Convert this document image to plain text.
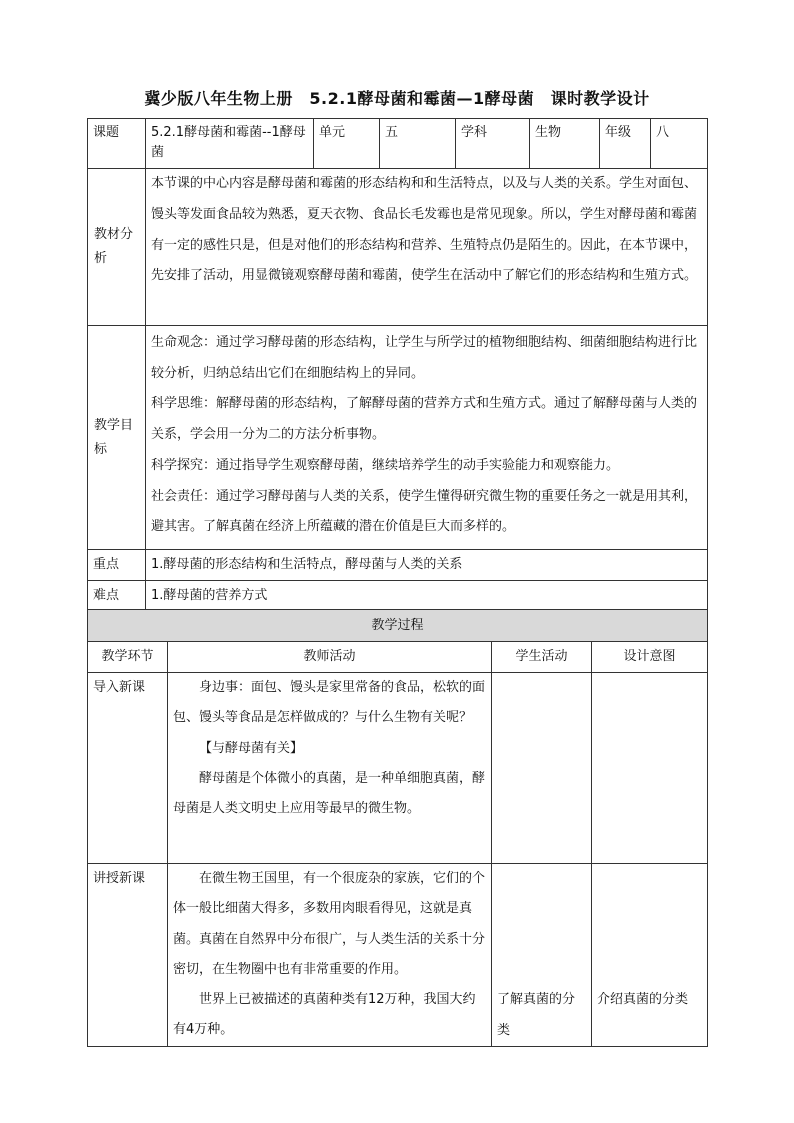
冀少版八年生物上册　5.2.1酵母菌和霉菌—1酵母菌　课时教学设计
课题	5.2.1酵母菌和霉菌--1酵母菌	单元	五	学科	生物	年级	八
教材分析	本节课的中心内容是酵母菌和霉菌的形态结构和和生活特点，以及与人类的关系。学生对面包、馒头等发面食品较为熟悉，夏天衣物、食品长毛发霉也是常见现象。所以，学生对酵母菌和霉菌有一定的感性只是，但是对他们的形态结构和营养、生殖特点仍是陌生的。因此，在本节课中，先安排了活动，用显微镜观察酵母菌和霉菌，使学生在活动中了解它们的形态结构和生殖方式。						

教学目标	生命观念：通过学习酵母菌的形态结构，让学生与所学过的植物细胞结构、细菌细胞结构进行比较分析，归纳总结出它们在细胞结构上的异同。

科学思维：解酵母菌的形态结构，了解酵母菌的营养方式和生殖方式。通过了解酵母菌与人类的关系，学会用一分为二的方法分析事物。

科学探究：通过指导学生观察酵母菌，继续培养学生的动手实验能力和观察能力。

社会责任：通过学习酵母菌与人类的关系，使学生懂得研究微生物的重要任务之一就是用其利，避其害。了解真菌在经济上所蕴藏的潜在价值是巨大而多样的。						

重点	1.酵母菌的形态结构和生活特点，酵母菌与人类的关系						
难点	1.酵母菌的营养方式						
教学过程			
教学环节	教师活动	学生活动	设计意图
导入新课	身边事：面包、馒头是家里常备的食品，松软的面包、馒头等食品是怎样做成的？与什么生物有关呢？

【与酵母菌有关】

酵母菌是个体微小的真菌，是一种单细胞真菌，酵母菌是人类文明史上应用等最早的微生物。		

讲授新课	在微生物王国里，有一个很庞杂的家族，它们的个体一般比细菌大得多，多数用肉眼看得见，这就是真菌。真菌在自然界中分布很广，与人类生活的关系十分密切，在生物圈中也有非常重要的作用。

世界上已被描述的真菌种类有12万种，我国大约有4万种。	了解真菌的分类	介绍真菌的分类
